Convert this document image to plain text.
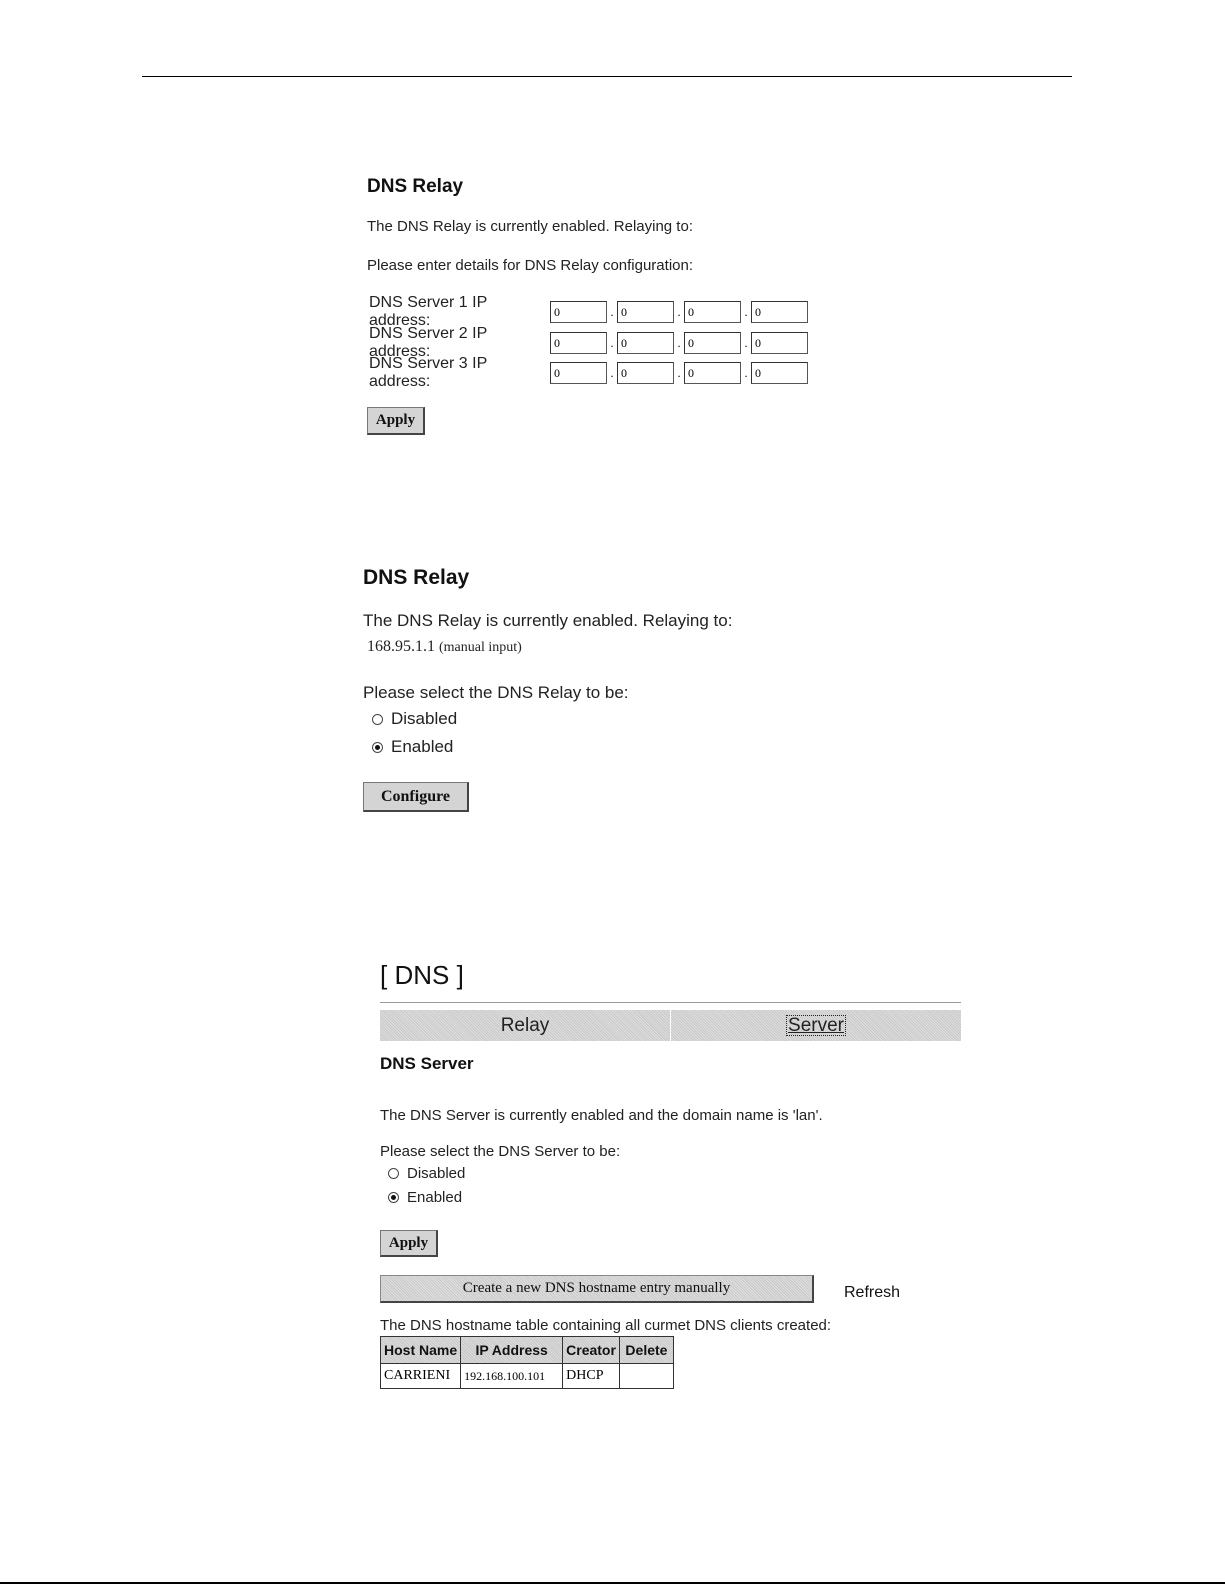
DNS Relay
The DNS Relay is currently enabled. Relaying to:
Please enter details for DNS Relay configuration:
DNS Server 1 IP address:
0	.
0	.
0	.
0
DNS Server 2 IP address:
0	.
0	.
0	.
0
DNS Server 3 IP address:
0	.
0	.
0	.
0
Apply
DNS Relay
The DNS Relay is currently enabled. Relaying to:
168.95.1.1 (manual input)
Please select the DNS Relay to be:
Disabled
Enabled
Configure
[ DNS ]
Relay	Server
DNS Server
The DNS Server is currently enabled and the domain name is 'lan'.
Please select the DNS Server to be:
Disabled
Enabled
Apply
Create a new DNS hostname entry manually	Refresh
The DNS hostname table containing all curmet DNS clients created:
Host Name	IP Address	Creator	Delete
CARRIENI	192.168.100.101	DHCP	
